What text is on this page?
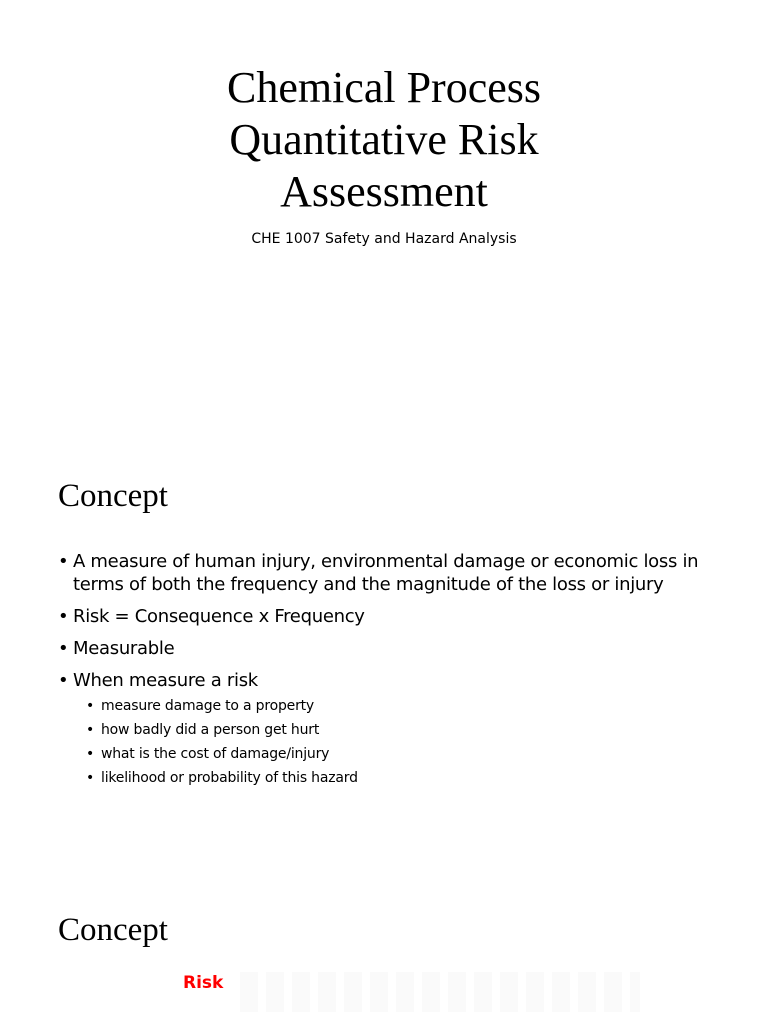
Chemical Process
Quantitative Risk
Assessment

CHE 1007 Safety and Hazard Analysis

Concept
• A measure of human injury, environmental damage or economic loss in terms of both the frequency and the magnitude of the loss or injury
• Risk = Consequence x Frequency
• Measurable
• When measure a risk
• measure damage to a property
• how badly did a person get hurt
• what is the cost of damage/injury
• likelihood or probability of this hazard
Concept

Risk
